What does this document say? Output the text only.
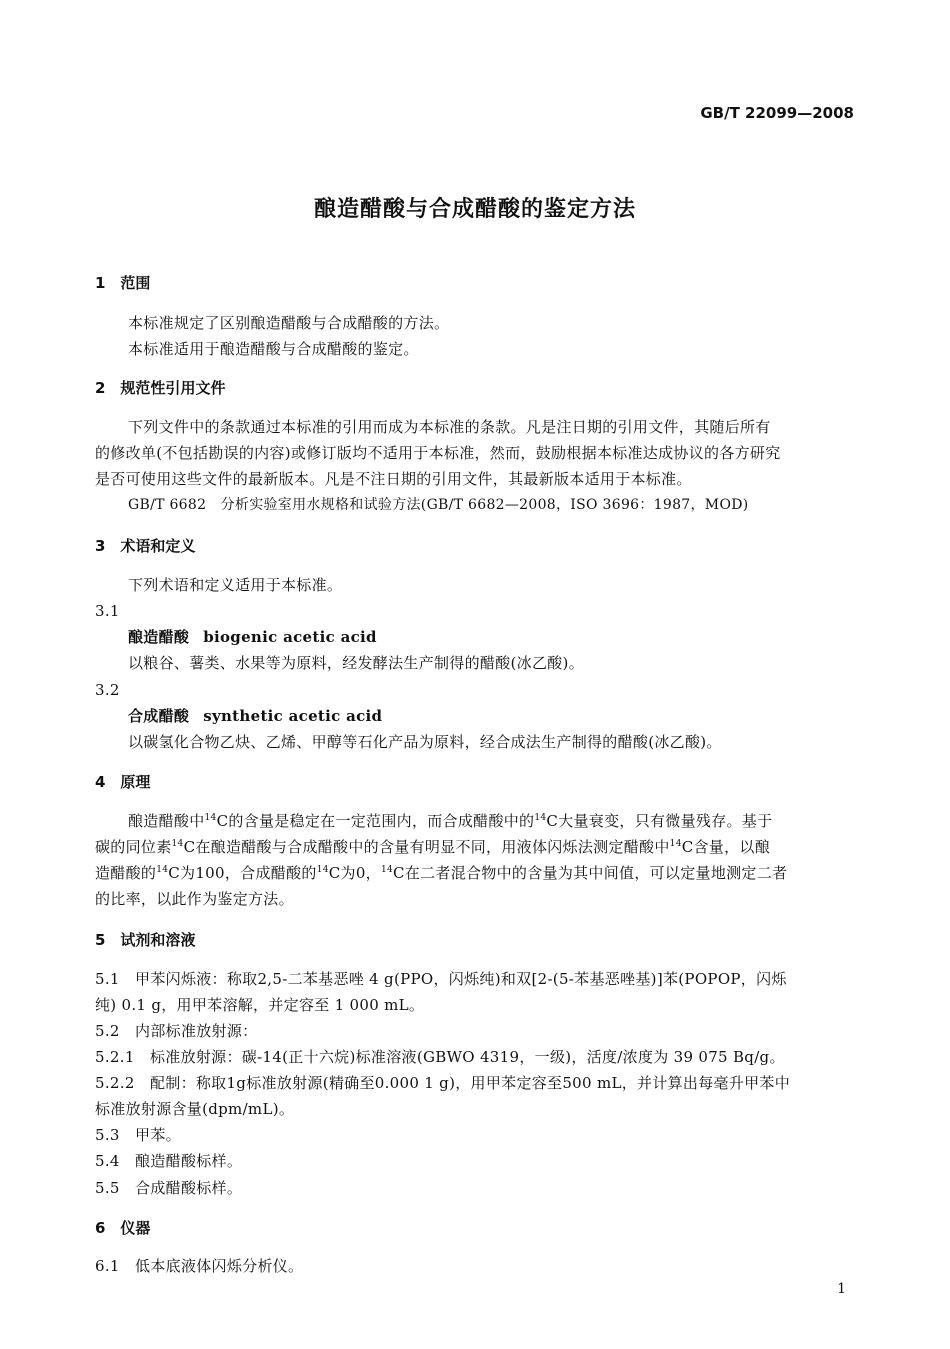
GB/T 22099—2008
酿造醋酸与合成醋酸的鉴定方法
1　范围
本标准规定了区别酿造醋酸与合成醋酸的方法。
本标准适用于酿造醋酸与合成醋酸的鉴定。
2　规范性引用文件
下列文件中的条款通过本标准的引用而成为本标准的条款。凡是注日期的引用文件，其随后所有
的修改单(不包括勘误的内容)或修订版均不适用于本标准，然而，鼓励根据本标准达成协议的各方研究
是否可使用这些文件的最新版本。凡是不注日期的引用文件，其最新版本适用于本标准。
GB/T 6682　分析实验室用水规格和试验方法(GB/T 6682—2008，ISO 3696：1987，MOD)
3　术语和定义
下列术语和定义适用于本标准。
3.1
酿造醋酸 biogenic acetic acid
以粮谷、薯类、水果等为原料，经发酵法生产制得的醋酸(冰乙酸)。
3.2
合成醋酸 synthetic acetic acid
以碳氢化合物乙炔、乙烯、甲醇等石化产品为原料，经合成法生产制得的醋酸(冰乙酸)。
4　原理
酿造醋酸中$^{14}$C的含量是稳定在一定范围内，而合成醋酸中的$^{14}$C大量衰变，只有微量残存。基于
碳的同位素$^{14}$C在酿造醋酸与合成醋酸中的含量有明显不同，用液体闪烁法测定醋酸中$^{14}$C含量，以酿
造醋酸的$^{14}$C为100，合成醋酸的$^{14}$C为0，$^{14}$C在二者混合物中的含量为其中间值，可以定量地测定二者
的比率，以此作为鉴定方法。
5　试剂和溶液
5.1　甲苯闪烁液：称取2,5-二苯基恶唑 4 g(PPO，闪烁纯)和双[2-(5-苯基恶唑基)]苯(POPOP，闪烁
纯) 0.1 g，用甲苯溶解，并定容至 1 000 mL。
5.2　内部标准放射源：
5.2.1　标准放射源：碳-14(正十六烷)标准溶液(GBWO 4319，一级)，活度/浓度为 39 075 Bq/g。
5.2.2　配制：称取1g标准放射源(精确至0.000 1 g)，用甲苯定容至500 mL，并计算出每毫升甲苯中
标准放射源含量(dpm/mL)。
5.3　甲苯。
5.4　酿造醋酸标样。
5.5　合成醋酸标样。
6　仪器
6.1　低本底液体闪烁分析仪。
1
